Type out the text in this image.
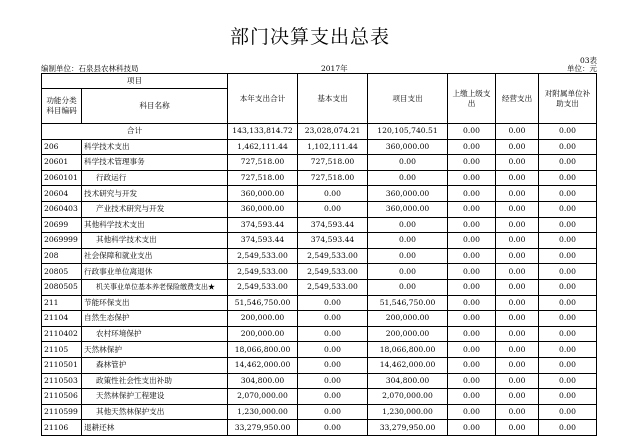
部门决算支出总表
编制单位：石泉县农林科技局	2017年
03表
单位：元
项目		本年支出合计	基本支出	项目支出	上缴上级支出	经营支出	对附属单位补助支出
功能分类科目编码	科目名称						
合计		143,133,814.72	23,028,074.21	120,105,740.51	0.00	0.00	0.00
206	科学技术支出	1,462,111.44	1,102,111.44	360,000.00	0.00	0.00	0.00
20601	科学技术管理事务	727,518.00	727,518.00	0.00	0.00	0.00	0.00
2060101	行政运行	727,518.00	727,518.00	0.00	0.00	0.00	0.00
20604	技术研究与开发	360,000.00	0.00	360,000.00	0.00	0.00	0.00
2060403	产业技术研究与开发	360,000.00	0.00	360,000.00	0.00	0.00	0.00
20699	其他科学技术支出	374,593.44	374,593.44	0.00	0.00	0.00	0.00
2069999	其他科学技术支出	374,593.44	374,593.44	0.00	0.00	0.00	0.00
208	社会保障和就业支出	2,549,533.00	2,549,533.00	0.00	0.00	0.00	0.00
20805	行政事业单位离退休	2,549,533.00	2,549,533.00	0.00	0.00	0.00	0.00
2080505	机关事业单位基本养老保险缴费支出★	2,549,533.00	2,549,533.00	0.00	0.00	0.00	0.00
211	节能环保支出	51,546,750.00	0.00	51,546,750.00	0.00	0.00	0.00
21104	自然生态保护	200,000.00	0.00	200,000.00	0.00	0.00	0.00
2110402	农村环境保护	200,000.00	0.00	200,000.00	0.00	0.00	0.00
21105	天然林保护	18,066,800.00	0.00	18,066,800.00	0.00	0.00	0.00
2110501	森林管护	14,462,000.00	0.00	14,462,000.00	0.00	0.00	0.00
2110503	政策性社会性支出补助	304,800.00	0.00	304,800.00	0.00	0.00	0.00
2110506	天然林保护工程建设	2,070,000.00	0.00	2,070,000.00	0.00	0.00	0.00
2110599	其他天然林保护支出	1,230,000.00	0.00	1,230,000.00	0.00	0.00	0.00
21106	退耕还林	33,279,950.00	0.00	33,279,950.00	0.00	0.00	0.00
